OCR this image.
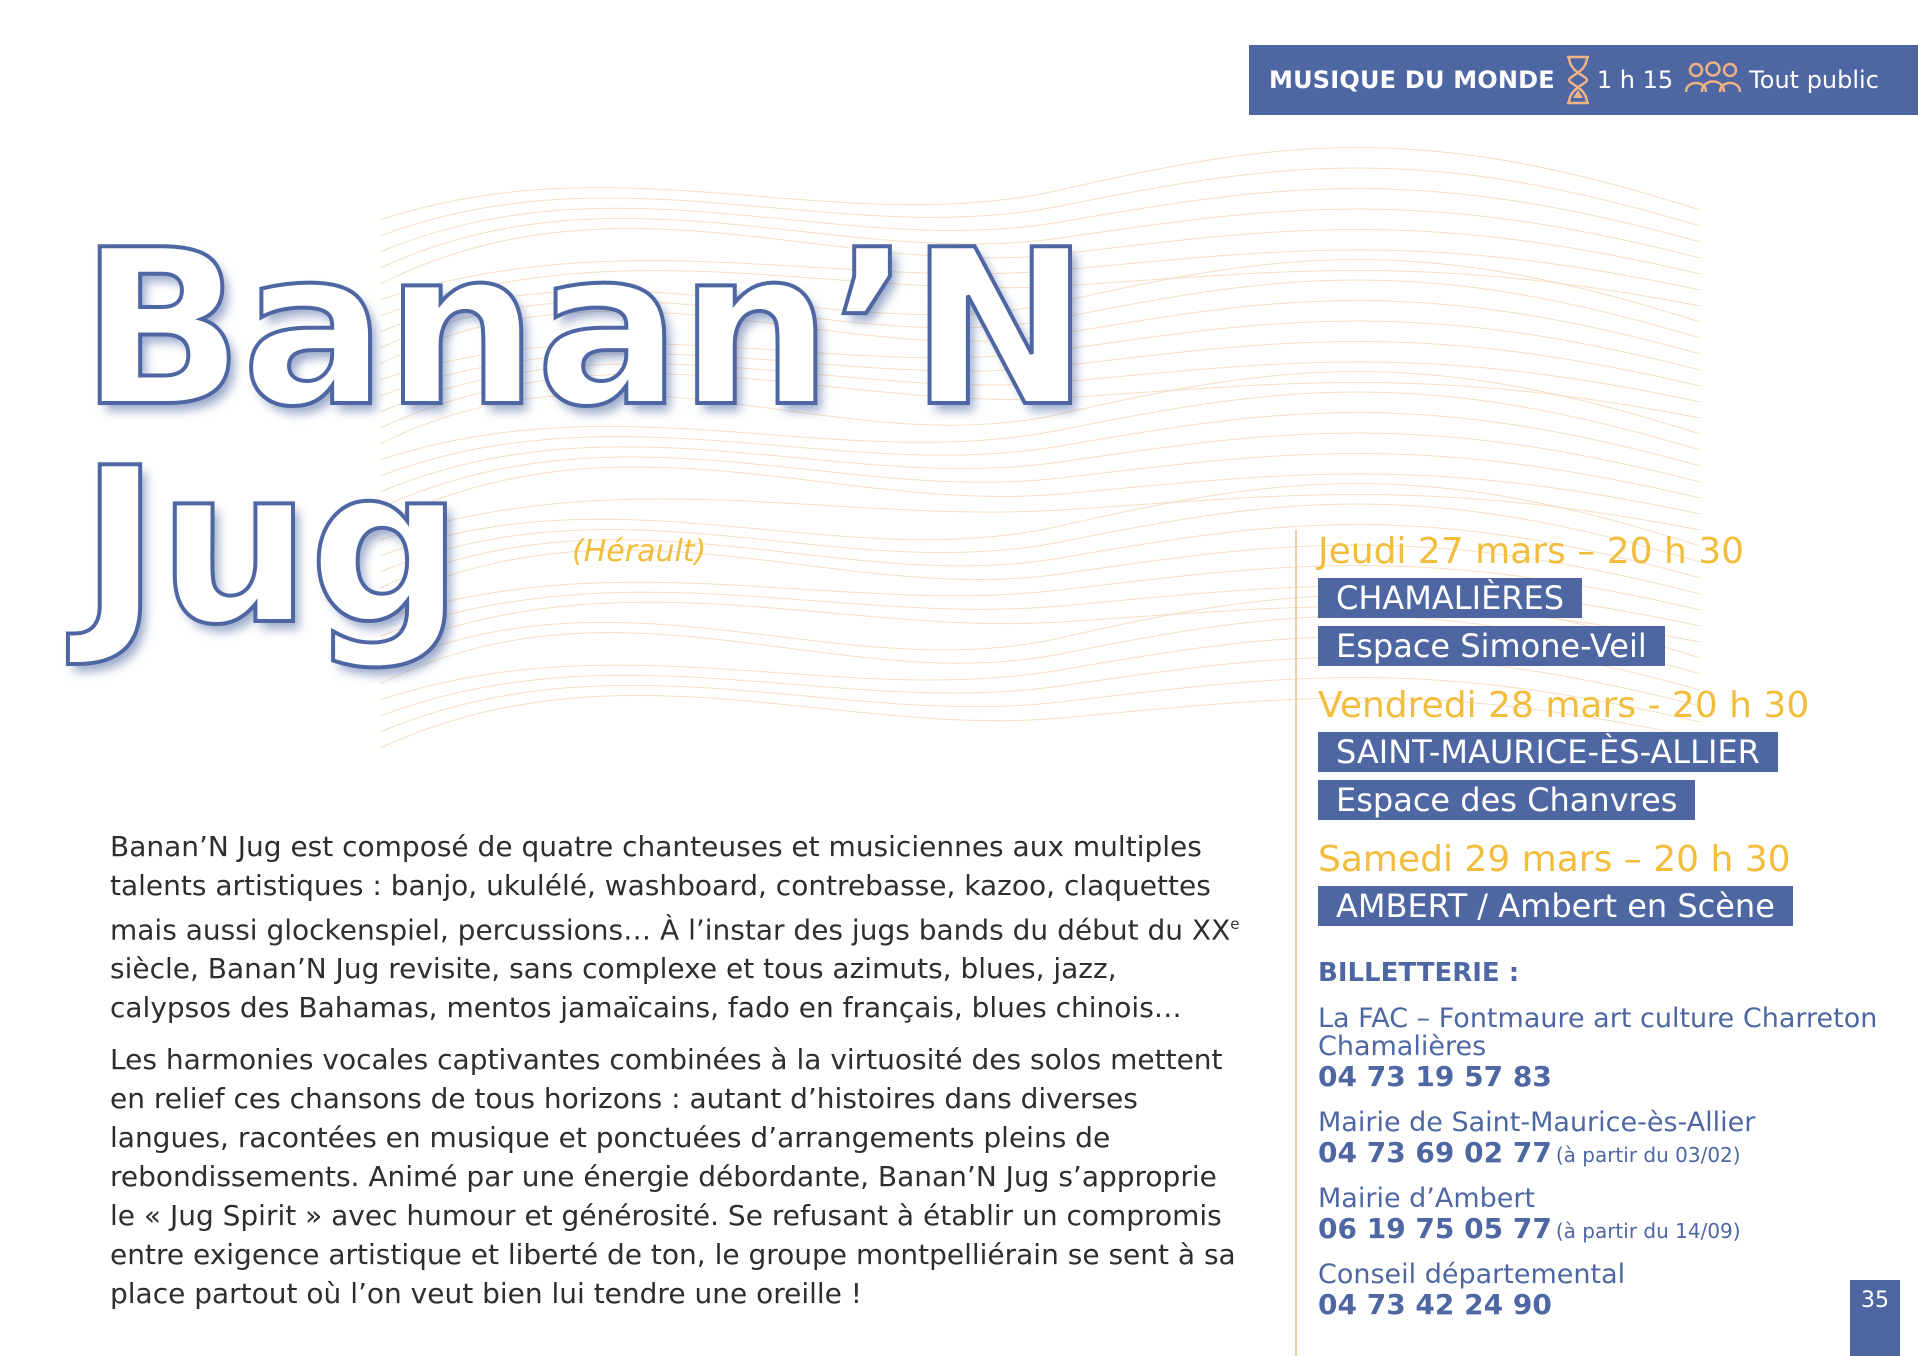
MUSIQUE DU MONDE 1 h 15	Tout public
Banan’N
Jug	(Hérault)

Banan’N Jug est composé de quatre chanteuses et musiciennes aux multiples talents artistiques : banjo, ukulélé, washboard, contrebasse, kazoo, claquettes mais aussi glockenspiel, percussions… À l’instar des jugs bands du début du XXe siècle, Banan’N Jug revisite, sans complexe et tous azimuts, blues, jazz, calypsos des Bahamas, mentos jamaïcains, fado en français, blues chinois…

Les harmonies vocales captivantes combinées à la virtuosité des solos mettent en relief ces chansons de tous horizons : autant d’histoires dans diverses langues, racontées en musique et ponctuées d’arrangements pleins de rebondissements. Animé par une énergie débordante, Banan’N Jug s’approprie le « Jug Spirit » avec humour et générosité. Se refusant à établir un compromis entre exigence artistique et liberté de ton, le groupe montpelliérain se sent à sa place partout où l’on veut bien lui tendre une oreille !

Jeudi 27 mars – 20 h 30

CHAMALIÈRES
Espace Simone-Veil

Vendredi 28 mars - 20 h 30

SAINT-MAURICE-ÈS-ALLIER
Espace des Chanvres

Samedi 29 mars – 20 h 30

AMBERT / Ambert en Scène
BILLETTERIE :
La FAC – Fontmaure art culture Charreton Chamalières
04 73 19 57 83
Mairie de Saint-Maurice-ès-Allier
04 73 69 02 77 (à partir du 03/02)
Mairie d’Ambert
06 19 75 05 77 (à partir du 14/09)
Conseil départemental
04 73 42 24 90	35
